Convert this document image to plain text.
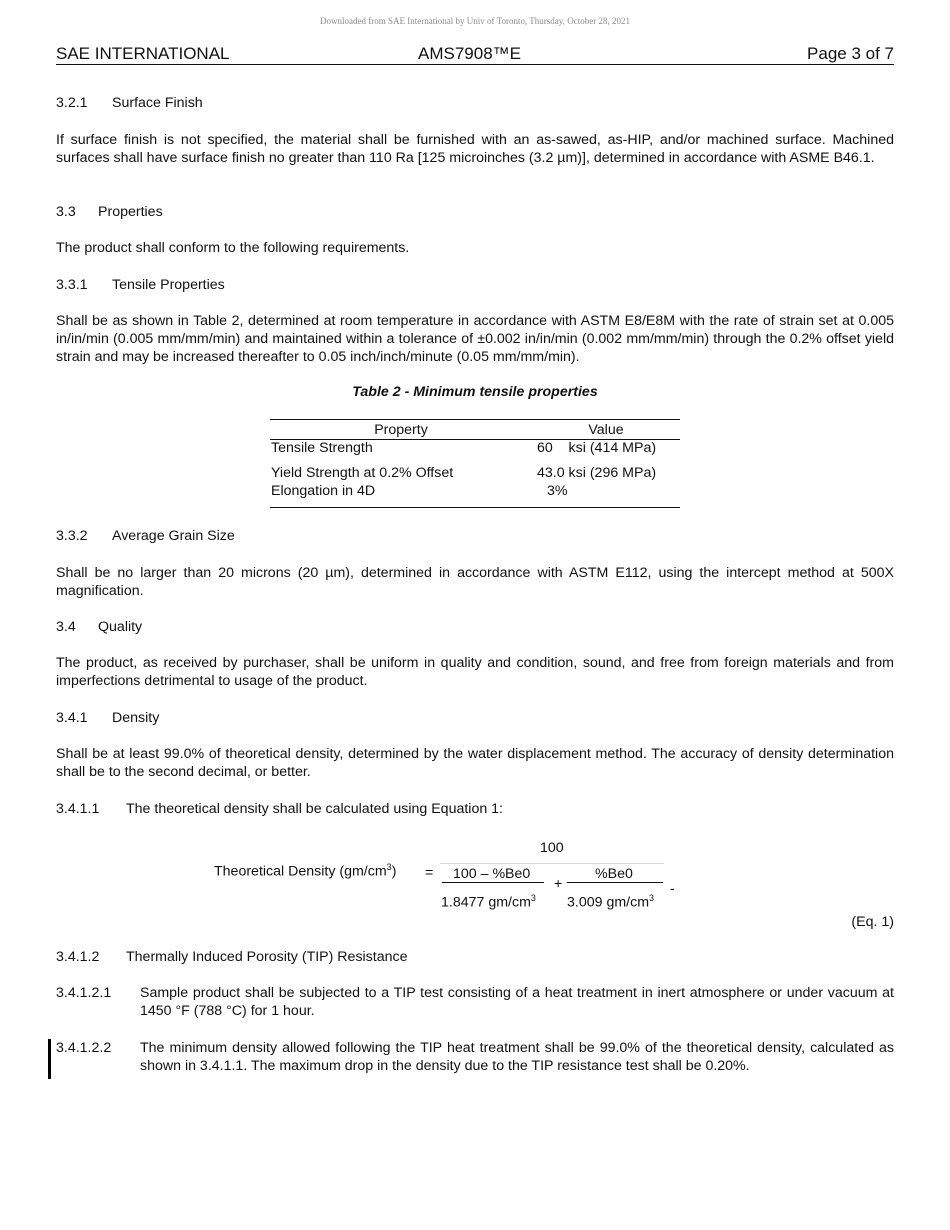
Downloaded from SAE International by Univ of Toronto, Thursday, October 28, 2021
SAE INTERNATIONAL	AMS7908™E	Page 3 of 7
3.2.1 Surface Finish
If surface finish is not specified, the material shall be furnished with an as-sawed, as-HIP, and/or machined surface. Machined surfaces shall have surface finish no greater than 110 Ra [125 microinches (3.2 µm)], determined in accordance with ASME B46.1.
3.3 Properties
The product shall conform to the following requirements.
3.3.1 Tensile Properties
Shall be as shown in Table 2, determined at room temperature in accordance with ASTM E8/E8M with the rate of strain set at 0.005 in/in/min (0.005 mm/mm/min) and maintained within a tolerance of ±0.002 in/in/min (0.002 mm/mm/min) through the 0.2% offset yield strain and may be increased thereafter to 0.05 inch/inch/minute (0.05 mm/mm/min).
Table 2 - Minimum tensile properties
Property	Value
Tensile Strength	60    ksi (414 MPa)
Yield Strength at 0.2% Offset	43.0 ksi (296 MPa)
Elongation in 4D	3%
3.3.2 Average Grain Size
Shall be no larger than 20 microns (20 µm), determined in accordance with ASTM E112, using the intercept method at 500X magnification.
3.4 Quality
The product, as received by purchaser, shall be uniform in quality and condition, sound, and free from foreign materials and from imperfections detrimental to usage of the product.
3.4.1 Density
Shall be at least 99.0% of theoretical density, determined by the water displacement method. The accuracy of density determination shall be to the second decimal, or better.
3.4.1.1 The theoretical density shall be calculated using Equation 1:
100
Theoretical Density $(gm/cm^3) = 100 - \%Be0$
1.8477 $gm/cm^3$
+
%Be0
3.009 $gm/cm^3$
-
(Eq. 1)
3.4.1.2 Thermally Induced Porosity (TIP) Resistance
3.4.1.2.1	Sample product shall be subjected to a TIP test consisting of a heat treatment in inert atmosphere or under vacuum at 1450 °F (788 °C) for 1 hour.
3.4.1.2.2	The minimum density allowed following the TIP heat treatment shall be 99.0% of the theoretical density, calculated as shown in 3.4.1.1. The maximum drop in the density due to the TIP resistance test shall be 0.20%.
